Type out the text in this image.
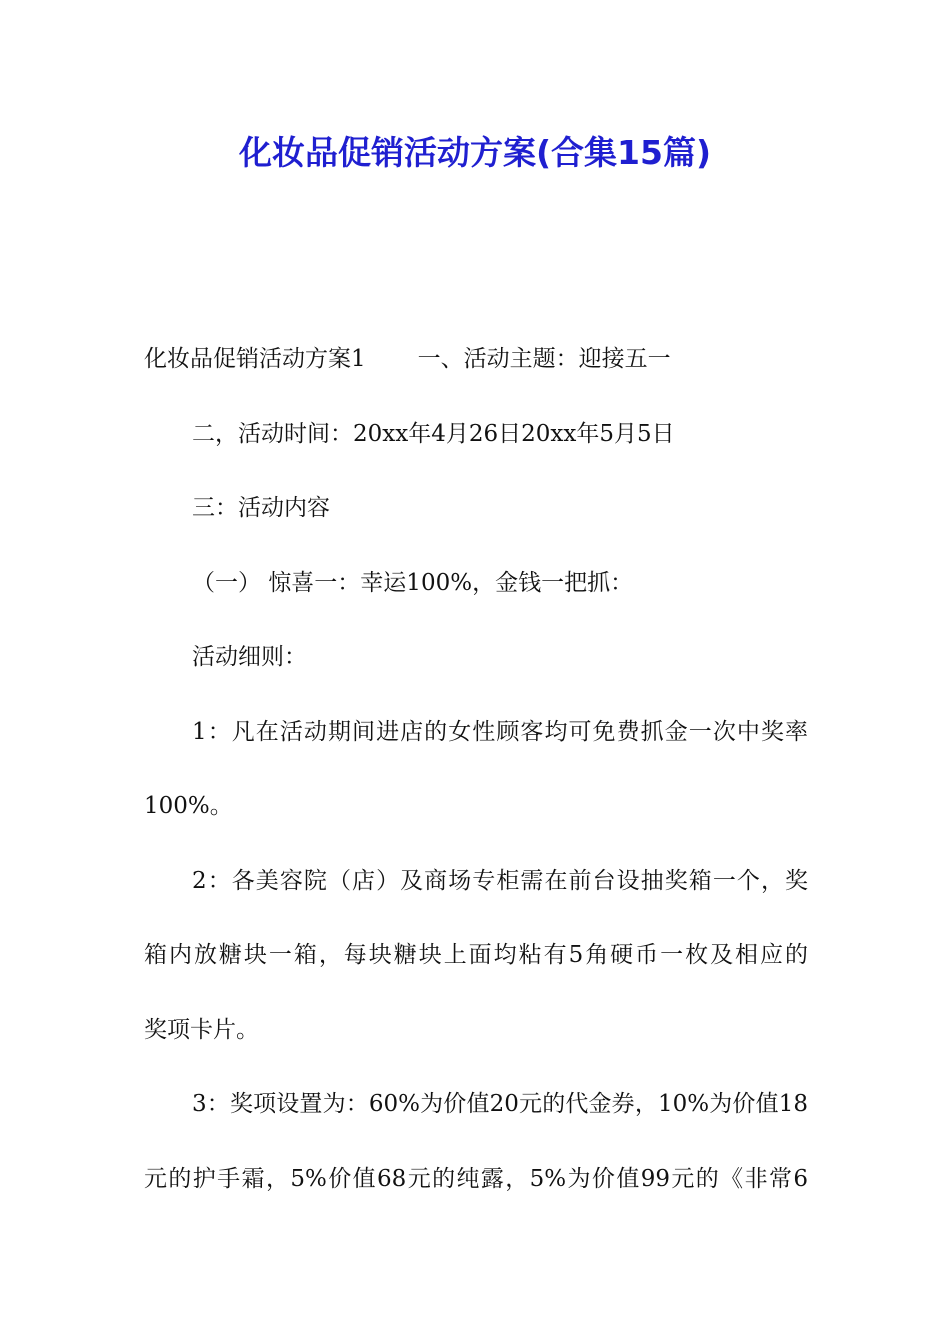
化妆品促销活动方案(合集15篇)
化妆品促销活动方案1 一、活动主题：迎接五一
二，活动时间：20xx年4月26日20xx年5月5日
三：活动内容
（一） 惊喜一：幸运100%，金钱一把抓：
活动细则：
1：凡在活动期间进店的女性顾客均可免费抓金一次中奖率
100%。
2：各美容院（店）及商场专柜需在前台设抽奖箱一个，奖
箱内放糖块一箱，每块糖块上面均粘有5角硬币一枚及相应的
奖项卡片。
3：奖项设置为：60%为价值20元的代金券，10%为价值18
元的护手霜，5%价值68元的纯露，5%为价值99元的《非常6
